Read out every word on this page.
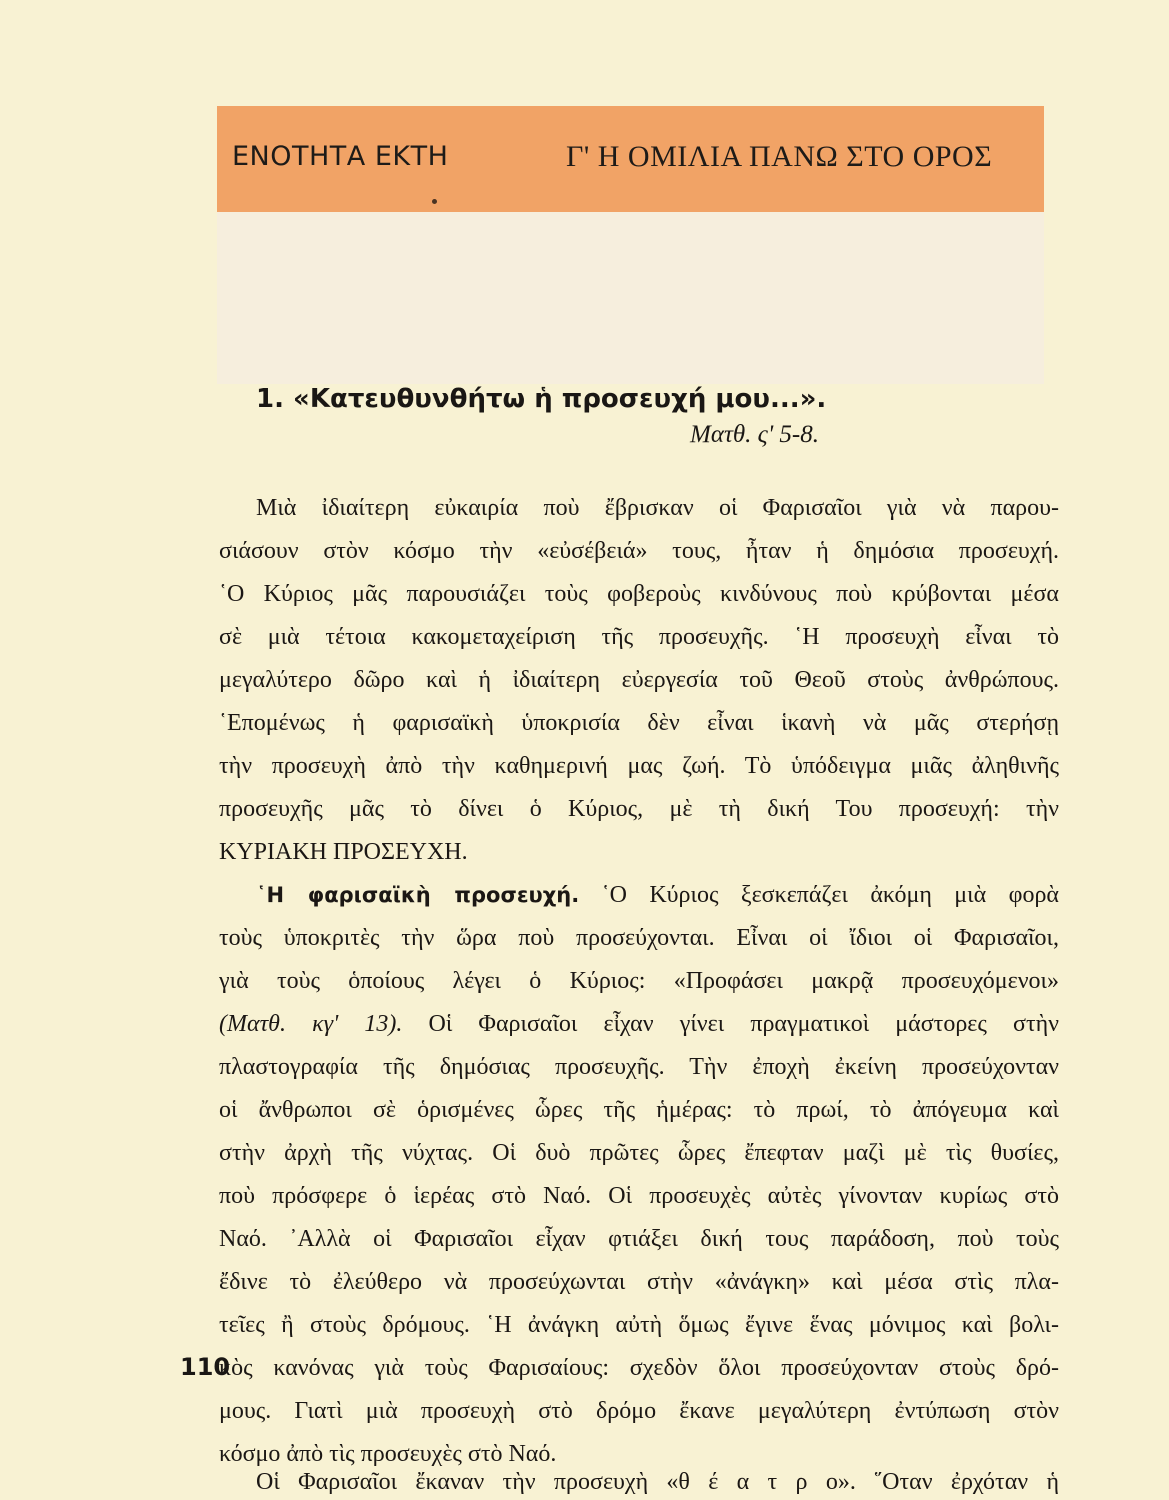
ΕΝΟΤΗΤΑ ΕΚΤΗ	Γ' Η ΟΜΙΛΙΑ ΠΑΝΩ ΣΤΟ ΟΡΟΣ
1. «Κατευθυνθήτω ἡ προσευχή μου...».
Ματθ. ς' 5-8.
Μιὰ ἰδιαίτερη εὐκαιρία ποὺ ἔβρισκαν οἱ Φαρισαῖοι γιὰ νὰ παρου-
σιάσουν στὸν κόσμο τὴν «εὐσέβειά» τους, ἦταν ἡ δημόσια προσευχή.
῾Ο Κύριος μᾶς παρουσιάζει τοὺς φοβεροὺς κινδύνους ποὺ κρύβονται μέσα
σὲ μιὰ τέτοια κακομεταχείριση τῆς προσευχῆς. ῾Η προσευχὴ εἶναι τὸ
μεγαλύτερο δῶρο καὶ ἡ ἰδιαίτερη εὐεργεσία τοῦ Θεοῦ στοὺς ἀνθρώπους.
῾Επομένως ἡ φαρισαϊκὴ ὑποκρισία δὲν εἶναι ἱκανὴ νὰ μᾶς στερήσῃ
τὴν προσευχὴ ἀπὸ τὴν καθημερινή μας ζωή. Τὸ ὑπόδειγμα μιᾶς ἀληθινῆς
προσευχῆς μᾶς τὸ δίνει ὁ Κύριος, μὲ τὴ δική Του προσευχή: τὴν
ΚΥΡΙΑΚΗ ΠΡΟΣΕΥΧΗ.
῾Η φαρισαϊκὴ προσευχή. ῾Ο Κύριος ξεσκεπάζει ἀκόμη μιὰ φορὰ
τοὺς ὑποκριτὲς τὴν ὥρα ποὺ προσεύχονται. Εἶναι οἱ ἴδιοι οἱ Φαρισαῖοι,
γιὰ τοὺς ὁποίους λέγει ὁ Κύριος: «Προφάσει μακρᾷ προσευχόμενοι»
(Ματθ. κγ' 13). Οἱ Φαρισαῖοι εἶχαν γίνει πραγματικοὶ μάστορες στὴν
πλαστογραφία τῆς δημόσιας προσευχῆς. Τὴν ἐποχὴ ἐκείνη προσεύχονταν
οἱ ἄνθρωποι σὲ ὁρισμένες ὧρες τῆς ἡμέρας: τὸ πρωί, τὸ ἀπόγευμα καὶ
στὴν ἀρχὴ τῆς νύχτας. Οἱ δυὸ πρῶτες ὧρες ἔπεφταν μαζὶ μὲ τὶς θυσίες,
ποὺ πρόσφερε ὁ ἱερέας στὸ Ναό. Οἱ προσευχὲς αὐτὲς γίνονταν κυρίως στὸ
Ναό. ᾿Αλλὰ οἱ Φαρισαῖοι εἶχαν φτιάξει δική τους παράδοση, ποὺ τοὺς
ἔδινε τὸ ἐλεύθερο νὰ προσεύχωνται στὴν «ἀνάγκη» καὶ μέσα στὶς πλα-
τεῖες ἢ στοὺς δρόμους. ῾Η ἀνάγκη αὐτὴ ὅμως ἔγινε ἕνας μόνιμος καὶ βολι-
κὸς κανόνας γιὰ τοὺς Φαρισαίους: σχεδὸν ὅλοι προσεύχονταν στοὺς δρό-
μους. Γιατὶ μιὰ προσευχὴ στὸ δρόμο ἔκανε μεγαλύτερη ἐντύπωση στὸν
κόσμο ἀπὸ τὶς προσευχὲς στὸ Ναό.
Οἱ Φαρισαῖοι ἔκαναν τὴν προσευχὴ «θ έ α τ ρ ο». ῞Οταν ἐρχόταν ἡ
110
